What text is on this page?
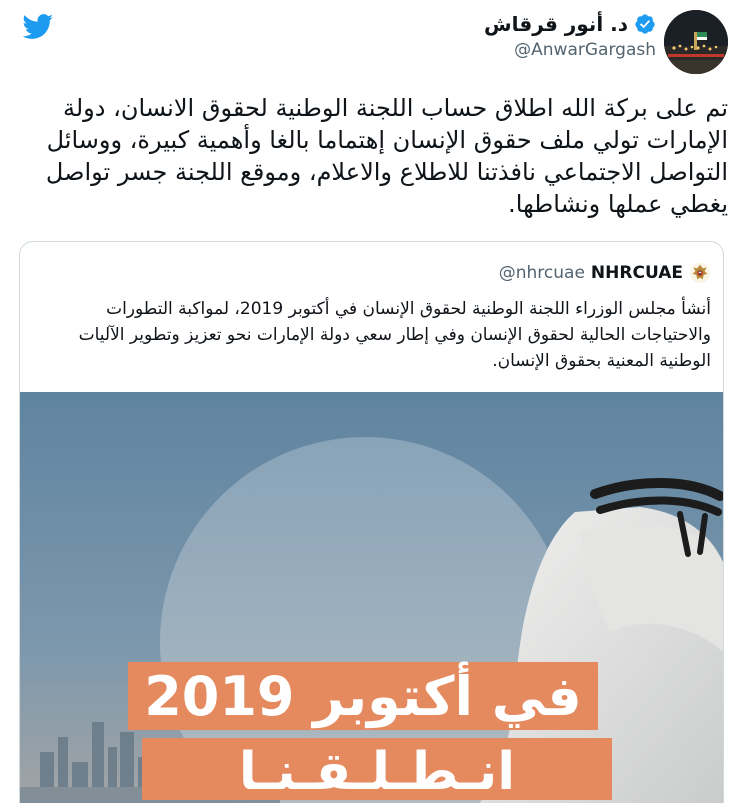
د. أنور قرقاش
@AnwarGargash
تم على بركة الله اطلاق حساب اللجنة الوطنية لحقوق الانسان، دولة الإمارات تولي ملف حقوق الإنسان إهتماما بالغا وأهمية كبيرة، ووسائل التواصل الاجتماعي نافذتنا للاطلاع والاعلام، وموقع اللجنة جسر تواصل يغطي عملها ونشاطها.
NHRCUAE
@nhrcuae
أنشأ مجلس الوزراء اللجنة الوطنية لحقوق الإنسان في أكتوبر 2019، لمواكبة التطورات والاحتياجات الحالية لحقوق الإنسان وفي إطار سعي دولة الإمارات نحو تعزيز وتطوير الآليات الوطنية المعنية بحقوق الإنسان.
في أكتوبر 2019
انـطـلـقـنـا
